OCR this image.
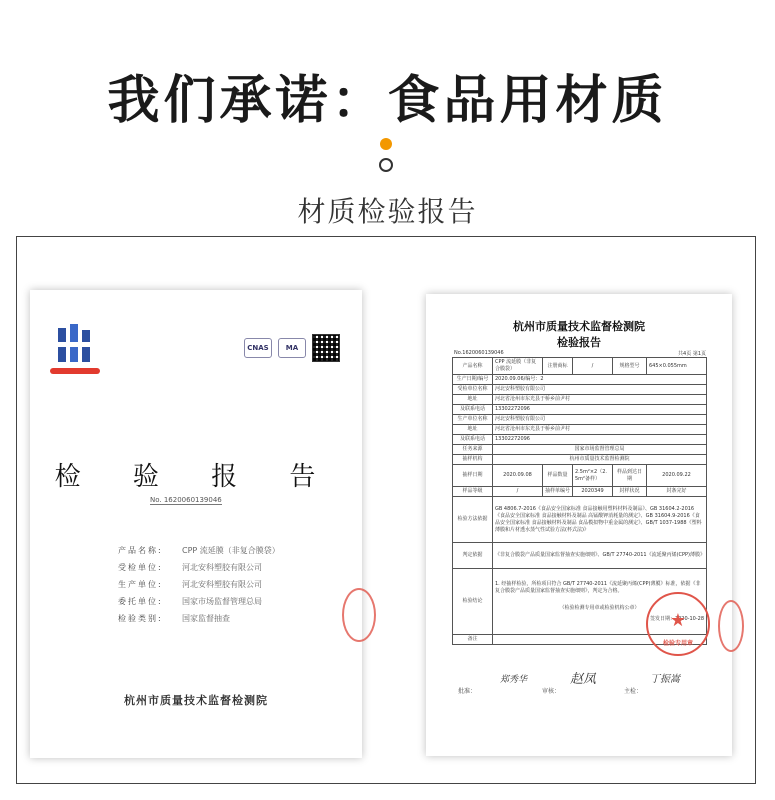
我们承诺：食品用材质
材质检验报告
CNAS	MA
检 验 报 告
No. 1620060139046
产品名称:	CPP 流延膜（非复合膜袋）
受检单位:	河北安科塑胶有限公司
生产单位:	河北安科塑胶有限公司
委托单位:	国家市场监督管理总局
检验类别:	国家监督抽查
杭州市质量技术监督检测院
杭州市质量技术监督检测院
检验报告
No.1620060139046	共4页 第1页
产品名称	CPP 流延膜（非复合膜袋）	注册商标	/	规格型号	645×0.055mm
生产日期/编号	2020.09.06/编号：2				
受检单位名称	河北安科塑胶有限公司				
地址	河北省沧州市东光县于桥乡前尹村				
及联系电话	13302272096				
生产单位名称	河北安科塑胶有限公司				
地址	河北省沧州市东光县于桥乡前尹村				
及联系电话	13302272096				
任务来源	国家市场监督管理总局				
抽样机构	杭州市质量技术监督检测院				
抽样日期	2020.09.08	样品数量	2.5m²×2（2.5m²备样）	样品到达日期	2020.09.22
样品等级	/	抽样单编号	2020349	封样状况	封条完好
检验方法依据	GB 4806.7-2016《食品安全国家标准 食品接触用塑料材料及制品》、GB 31604.2-2016《食品安全国家标准 食品接触材料及制品 高锰酸钾消耗量的测定》、GB 31604.9-2016《食品安全国家标准 食品接触材料及制品 食品模拟物中重金属的测定》、GB/T 1037-1988《塑料薄膜和片材透水蒸气性试验方法(杯式法)》				
判定依据	《非复合膜袋产品质量国家监督抽查实施细则》、GB/T 27740-2011《流延聚丙烯(CPP)薄膜》				
检验结论	1. 经抽样检验，所检项目符合 GB/T 27740-2011《流延聚丙烯(CPP)薄膜》标准，依据《非复合膜袋产品质量国家监督抽查实施细则》，判定为合格。
（检验检测专用章或检验机构公章）
签发日期：2020-10-28				

备注					
★
检验专用章
郑秀华	赵凤	丁振嵩
批准：	审核：	主检：
